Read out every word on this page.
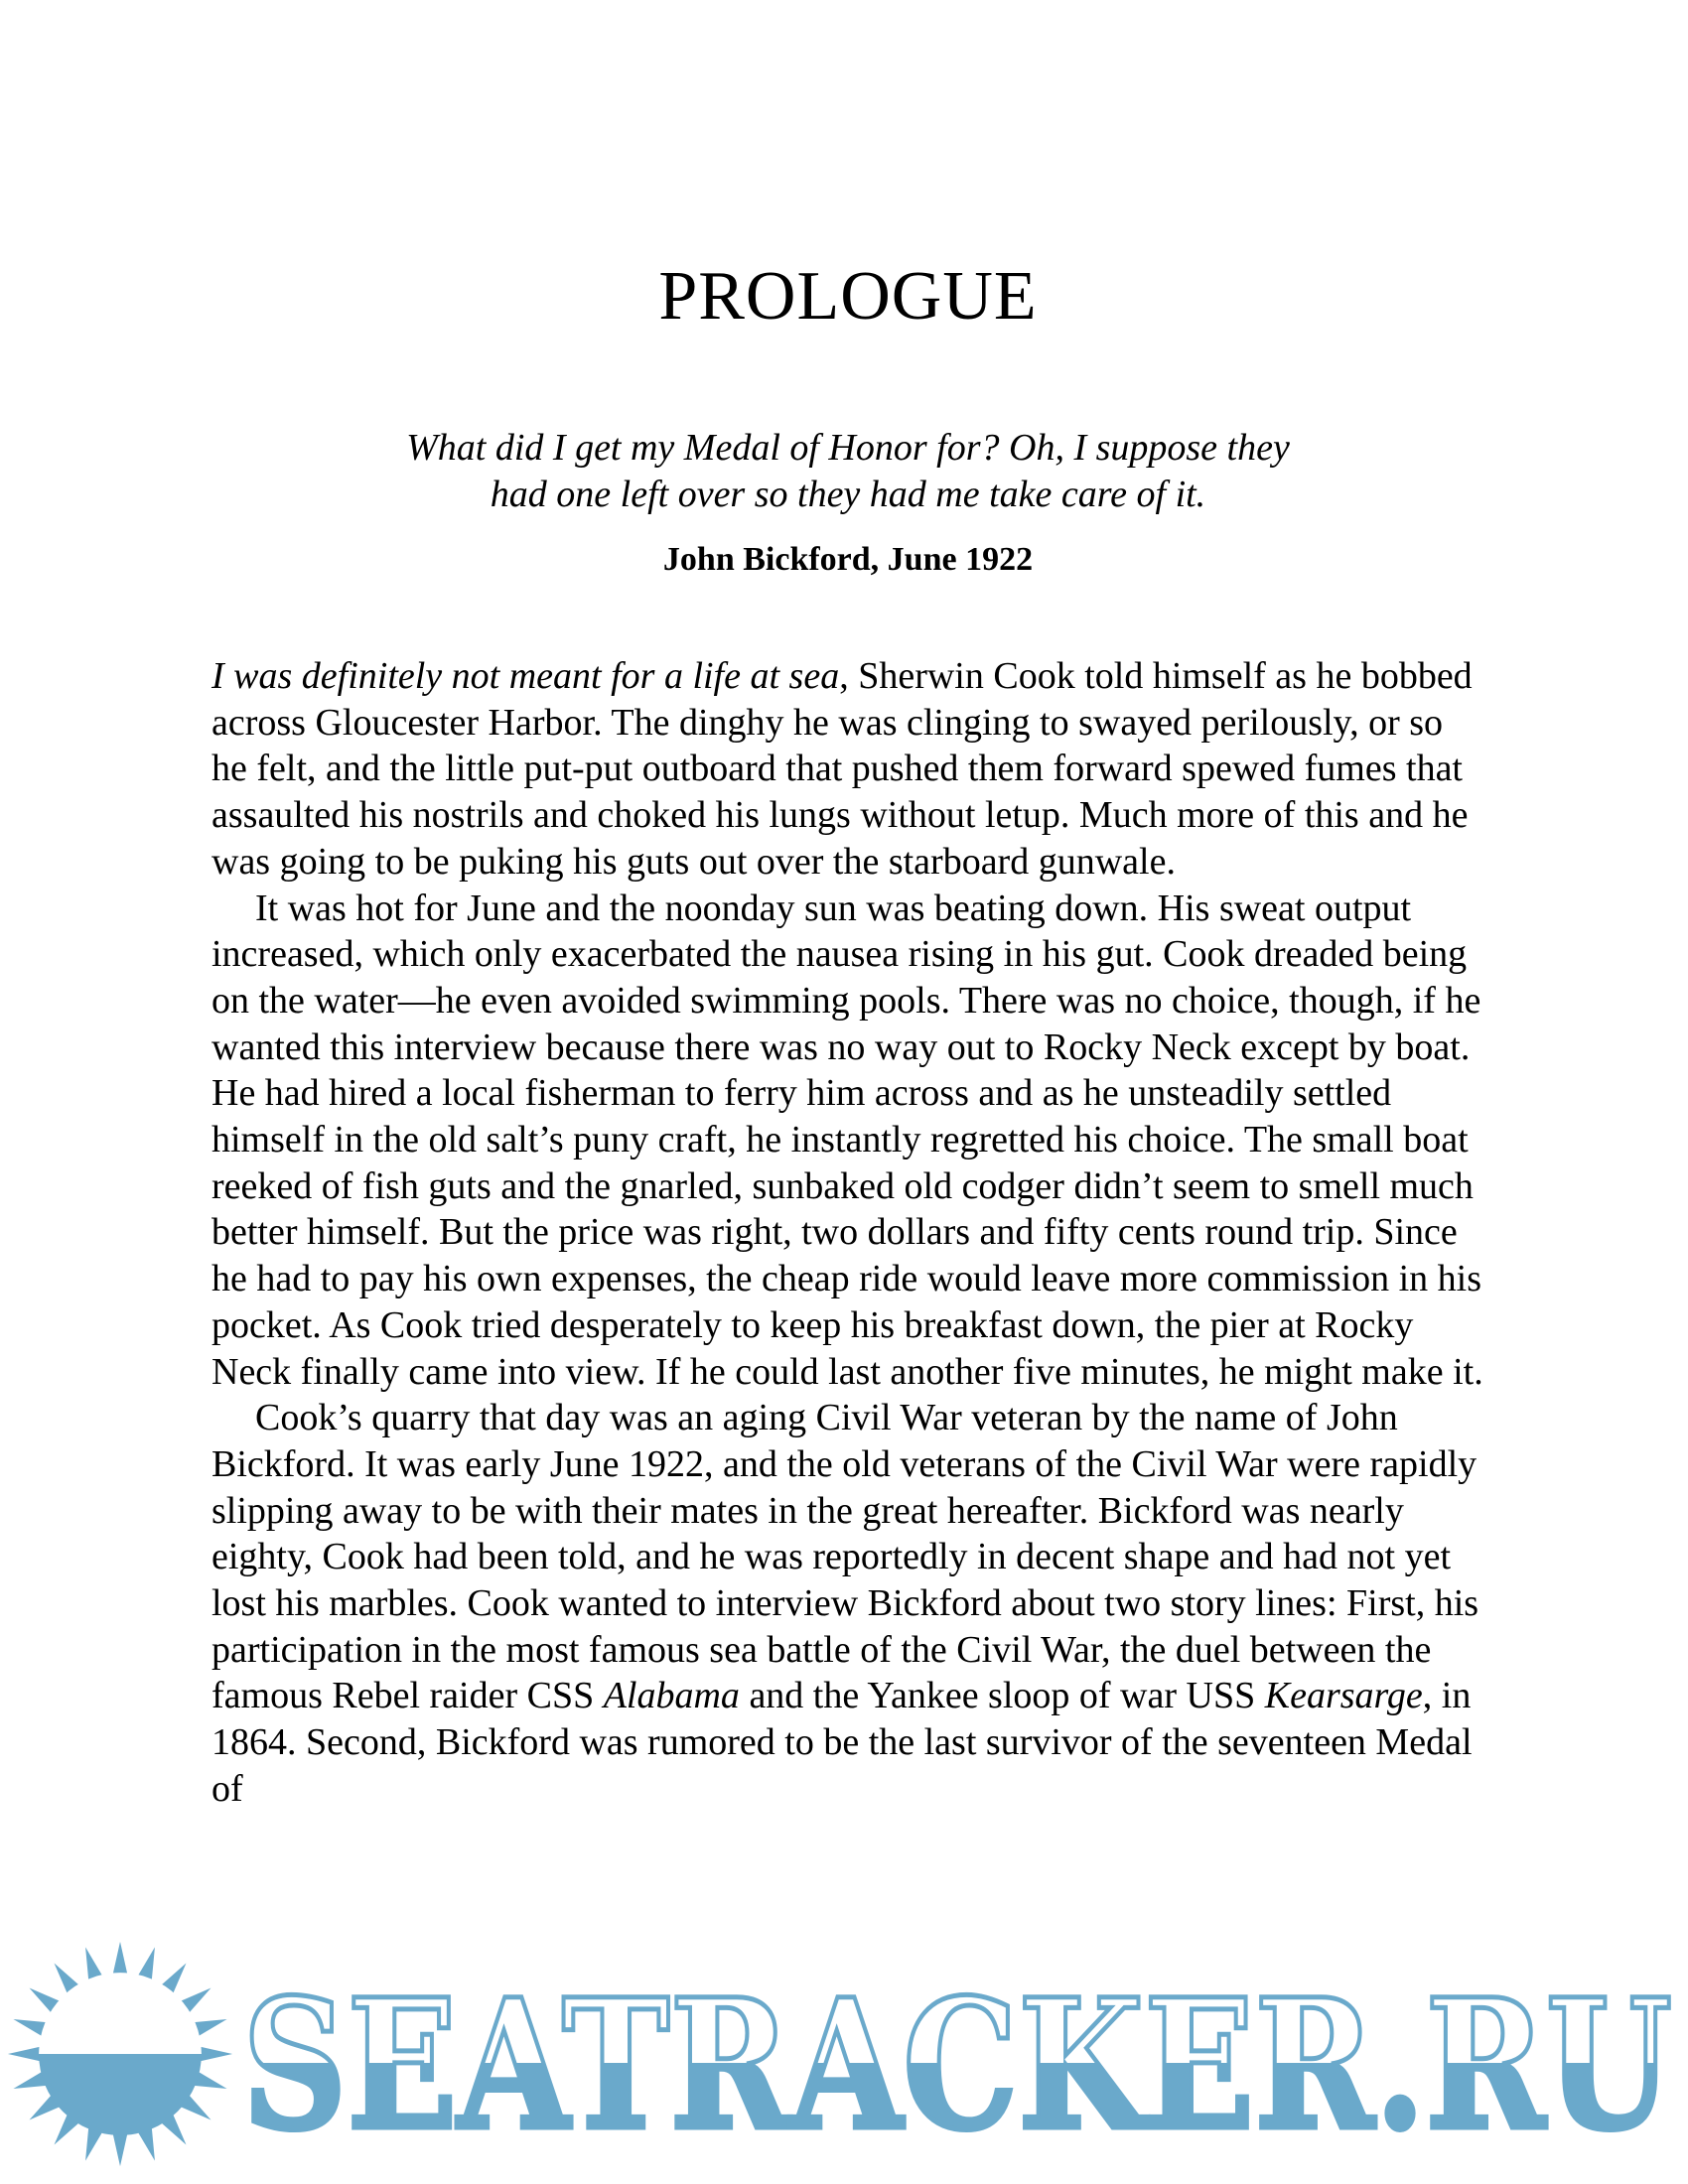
PROLOGUE
What did I get my Medal of Honor for? Oh, I suppose they
had one left over so they had me take care of it.
John Bickford, June 1922

I was definitely not meant for a life at sea, Sherwin Cook told himself as he bobbed across Gloucester Harbor. The dinghy he was clinging to swayed perilously, or so he felt, and the little put-put outboard that pushed them forward spewed fumes that assaulted his nostrils and choked his lungs without letup. Much more of this and he was going to be puking his guts out over the starboard gunwale.

It was hot for June and the noonday sun was beating down. His sweat output increased, which only exacerbated the nausea rising in his gut. Cook dreaded being on the water—he even avoided swimming pools. There was no choice, though, if he wanted this interview because there was no way out to Rocky Neck except by boat. He had hired a local fisherman to ferry him across and as he unsteadily settled himself in the old salt’s puny craft, he instantly regretted his choice. The small boat reeked of fish guts and the gnarled, sunbaked old codger didn’t seem to smell much better himself. But the price was right, two dollars and fifty cents round trip. Since he had to pay his own expenses, the cheap ride would leave more commission in his pocket. As Cook tried desperately to keep his breakfast down, the pier at Rocky Neck finally came into view. If he could last another five minutes, he might make it.

Cook’s quarry that day was an aging Civil War veteran by the name of John Bickford. It was early June 1922, and the old veterans of the Civil War were rapidly slipping away to be with their mates in the great hereafter. Bickford was nearly eighty, Cook had been told, and he was reportedly in decent shape and had not yet lost his marbles. Cook wanted to interview Bickford about two story lines: First, his participation in the most famous sea battle of the Civil War, the duel between the famous Rebel raider CSS Alabama and the Yankee sloop of war USS Kearsarge, in 1864. Second, Bickford was rumored to be the last survivor of the seventeen Medal of

SEATRACKER.RU
